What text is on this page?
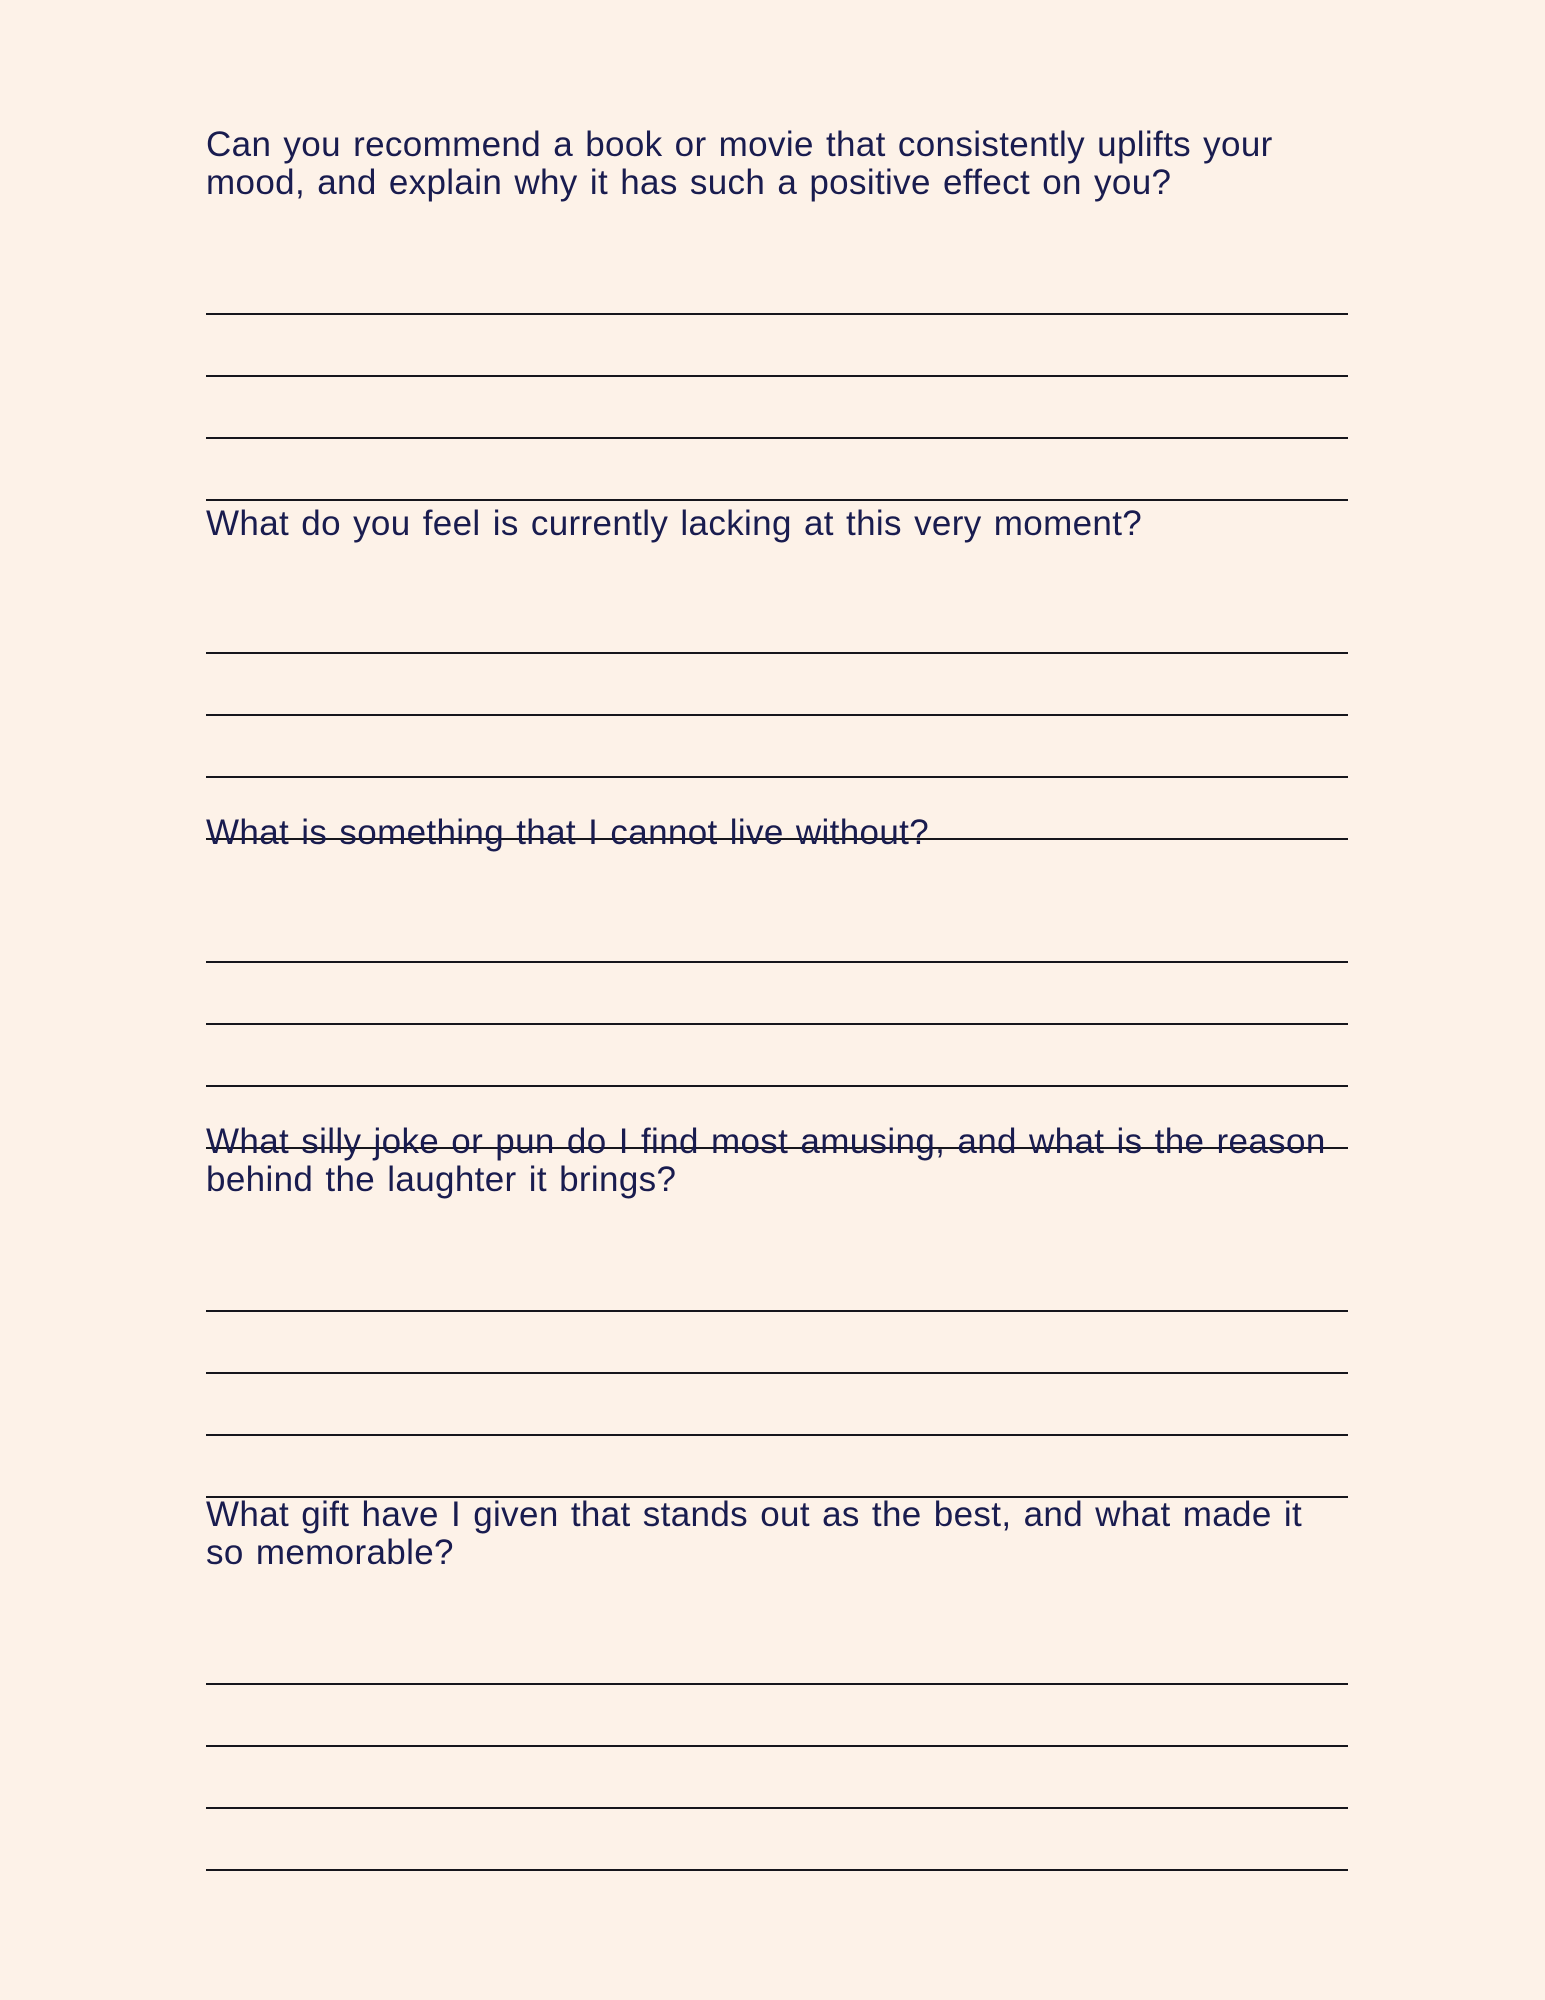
Can you recommend a book or movie that consistently uplifts your mood, and explain why it has such a positive effect on you?

What do you feel is currently lacking at this very moment?

What is something that I cannot live without?

What silly joke or pun do I find most amusing, and what is the reason behind the laughter it brings?

What gift have I given that stands out as the best, and what made it so memorable?
